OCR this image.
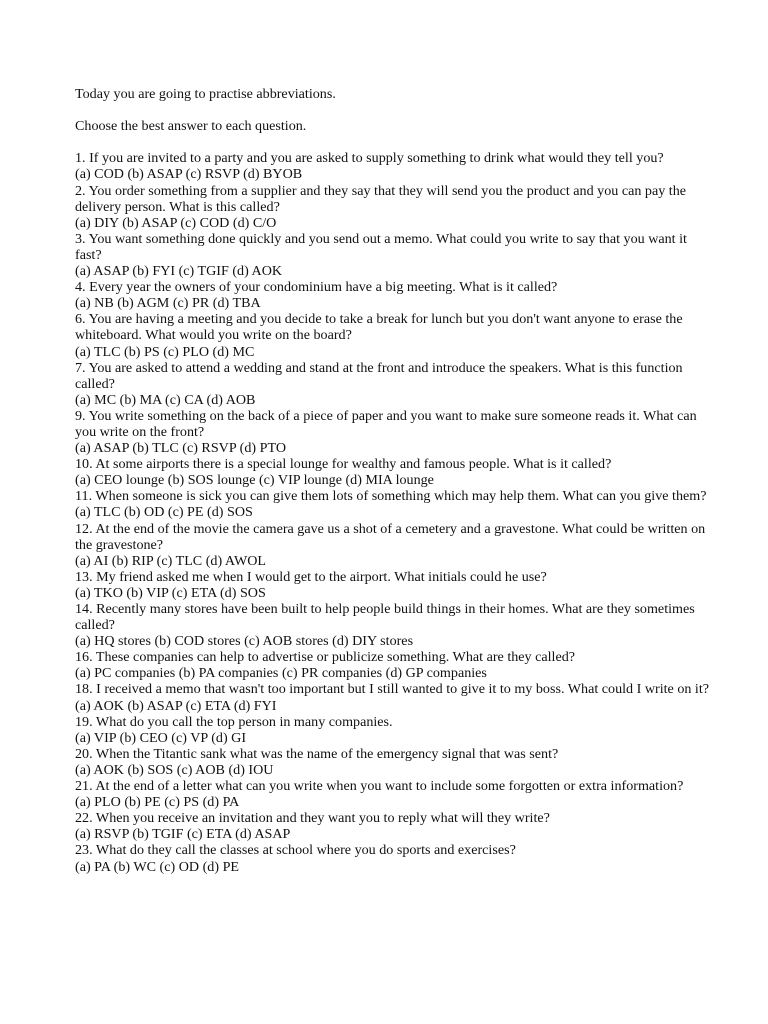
Today you are going to practise abbreviations.

Choose the best answer to each question.

1. If you are invited to a party and you are asked to supply something to drink what would they tell you?

(a) COD (b) ASAP (c) RSVP (d) BYOB

2. You order something from a supplier and they say that they will send you the product and you can pay the delivery person. What is this called?

(a) DIY (b) ASAP (c) COD (d) C/O

3. You want something done quickly and you send out a memo. What could you write to say that you want it fast?

(a) ASAP (b) FYI (c) TGIF (d) AOK

4. Every year the owners of your condominium have a big meeting. What is it called?

(a) NB (b) AGM (c) PR (d) TBA

6. You are having a meeting and you decide to take a break for lunch but you don't want anyone to erase the whiteboard. What would you write on the board?

(a) TLC (b) PS (c) PLO (d) MC

7. You are asked to attend a wedding and stand at the front and introduce the speakers. What is this function called?

(a) MC (b) MA (c) CA (d) AOB

9. You write something on the back of a piece of paper and you want to make sure someone reads it. What can you write on the front?

(a) ASAP (b) TLC (c) RSVP (d) PTO

10. At some airports there is a special lounge for wealthy and famous people. What is it called?

(a) CEO lounge (b) SOS lounge (c) VIP lounge (d) MIA lounge

11. When someone is sick you can give them lots of something which may help them. What can you give them?

(a) TLC (b) OD (c) PE (d) SOS

12. At the end of the movie the camera gave us a shot of a cemetery and a gravestone. What could be written on the gravestone?

(a) AI (b) RIP (c) TLC (d) AWOL

13. My friend asked me when I would get to the airport. What initials could he use?

(a) TKO (b) VIP (c) ETA (d) SOS

14. Recently many stores have been built to help people build things in their homes. What are they sometimes called?

(a) HQ stores (b) COD stores (c) AOB stores (d) DIY stores

16. These companies can help to advertise or publicize something. What are they called?

(a) PC companies (b) PA companies (c) PR companies (d) GP companies

18. I received a memo that wasn't too important but I still wanted to give it to my boss. What could I write on it?

(a) AOK (b) ASAP (c) ETA (d) FYI

19. What do you call the top person in many companies.

(a) VIP (b) CEO (c) VP (d) GI

20. When the Titantic sank what was the name of the emergency signal that was sent?

(a) AOK (b) SOS (c) AOB (d) IOU

21. At the end of a letter what can you write when you want to include some forgotten or extra information?

(a) PLO (b) PE (c) PS (d) PA

22. When you receive an invitation and they want you to reply what will they write?

(a) RSVP (b) TGIF (c) ETA (d) ASAP

23. What do they call the classes at school where you do sports and exercises?

(a) PA (b) WC (c) OD (d) PE
